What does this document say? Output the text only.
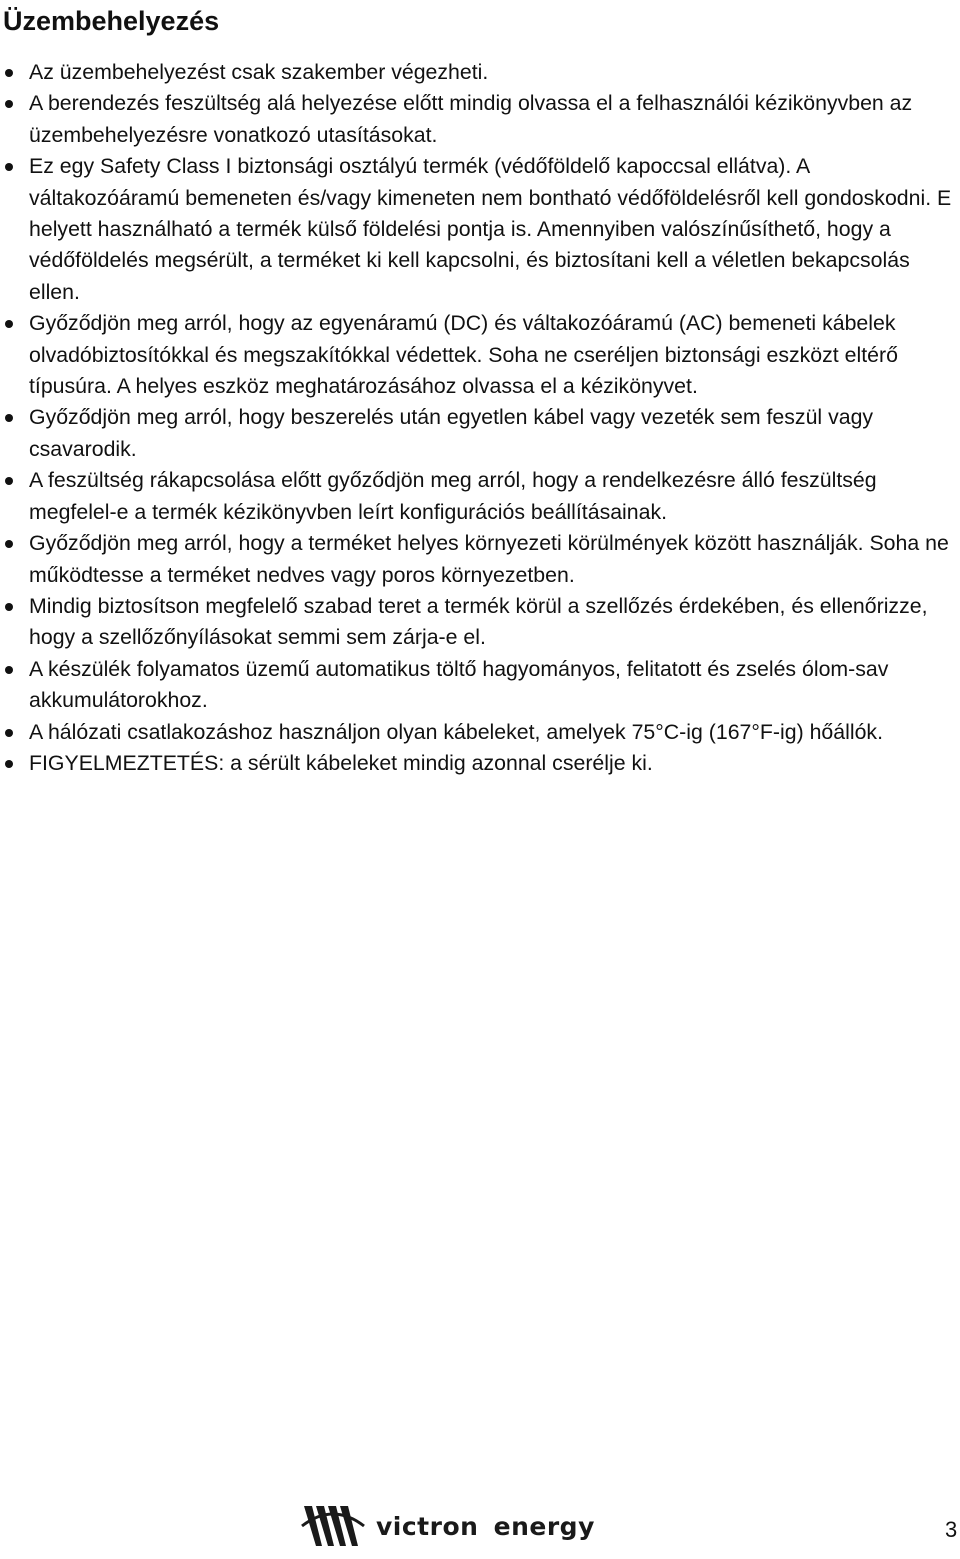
Üzembehelyezés
Az üzembehelyezést csak szakember végezheti.
A berendezés feszültség alá helyezése előtt mindig olvassa el a felhasználói kézikönyvben az üzembehelyezésre vonatkozó utasításokat.
Ez egy Safety Class I biztonsági osztályú termék (védőföldelő kapoccsal ellátva). A váltakozóáramú bemeneten és/vagy kimeneten nem bontható védőföldelésről kell gondoskodni. E helyett használható a termék külső földelési pontja is. Amennyiben valószínűsíthető, hogy a védőföldelés megsérült, a terméket ki kell kapcsolni, és biztosítani kell a véletlen bekapcsolás ellen.
Győződjön meg arról, hogy az egyenáramú (DC) és váltakozóáramú (AC) bemeneti kábelek olvadóbiztosítókkal és megszakítókkal védettek. Soha ne cseréljen biztonsági eszközt eltérő típusúra. A helyes eszköz meghatározásához olvassa el a kézikönyvet.
Győződjön meg arról, hogy beszerelés után egyetlen kábel vagy vezeték sem feszül vagy csavarodik.
A feszültség rákapcsolása előtt győződjön meg arról, hogy a rendelkezésre álló feszültség megfelel-e a termék kézikönyvben leírt konfigurációs beállításainak.
Győződjön meg arról, hogy a terméket helyes környezeti körülmények között használják. Soha ne működtesse a terméket nedves vagy poros környezetben.
Mindig biztosítson megfelelő szabad teret a termék körül a szellőzés érdekében, és ellenőrizze, hogy a szellőzőnyílásokat semmi sem zárja-e el.
A készülék folyamatos üzemű automatikus töltő hagyományos, felitatott és zselés ólom-sav akkumulátorokhoz.
A hálózati csatlakozáshoz használjon olyan kábeleket, amelyek 75°C-ig (167°F-ig) hőállók.
FIGYELMEZTETÉS: a sérült kábeleket mindig azonnal cserélje ki.
victron energy	3
